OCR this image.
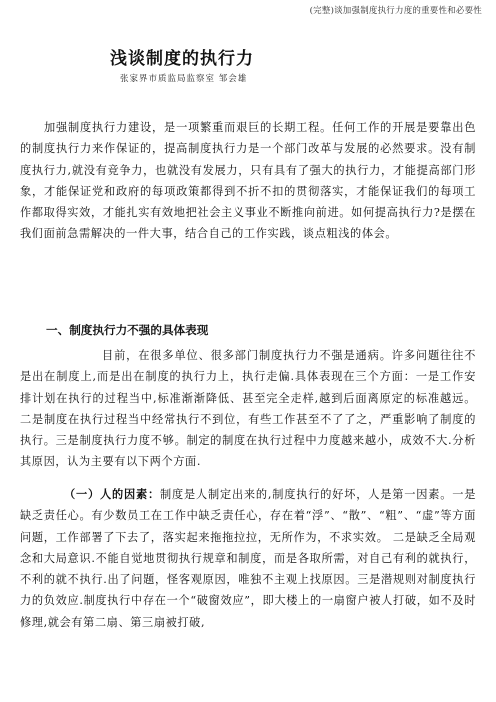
(完整)谈加强制度执行力度的重要性和必要性
浅谈制度的执行力
张家界市质监局监察室 邹会雄
加强制度执行力建设，是一项繁重而艰巨的长期工程。任何工作的开展是要靠出色的制度执行力来作保证的，提高制度执行力是一个部门改革与发展的必然要求。没有制度执行力,就没有竞争力，也就没有发展力，只有具有了强大的执行力，才能提高部门形象，才能保证党和政府的每项政策都得到不折不扣的贯彻落实，才能保证我们的每项工作都取得实效，才能扎实有效地把社会主义事业不断推向前进。如何提高执行力?是摆在我们面前急需解决的一件大事，结合自己的工作实践，谈点粗浅的体会。
一、制度执行力不强的具体表现
目前，在很多单位、很多部门制度执行力不强是通病。许多问题往往不是出在制度上,而是出在制度的执行力上，执行走偏.具体表现在三个方面：一是工作安排计划在执行的过程当中,标准渐渐降低、甚至完全走样,越到后面离原定的标准越远。二是制度在执行过程当中经常执行不到位，有些工作甚至不了了之，严重影响了制度的执行。三是制度执行力度不够。制定的制度在执行过程中力度越来越小，成效不大.分析其原因，认为主要有以下两个方面.
（一）人的因素：制度是人制定出来的,制度执行的好坏，人是第一因素。一是缺乏责任心。有少数员工在工作中缺乏责任心，存在着“浮”、“散”、“粗”、“虚”等方面问题，工作部署了下去了，落实起来拖拖拉拉，无所作为，不求实效。 二是缺乏全局观念和大局意识.不能自觉地贯彻执行规章和制度，而是各取所需，对自己有利的就执行，不利的就不执行.出了问题，怪客观原因，唯独不主观上找原因。三是潜规则对制度执行力的负效应.制度执行中存在一个“破窗效应”，即大楼上的一扇窗户被人打破，如不及时修理,就会有第二扇、第三扇被打破,
